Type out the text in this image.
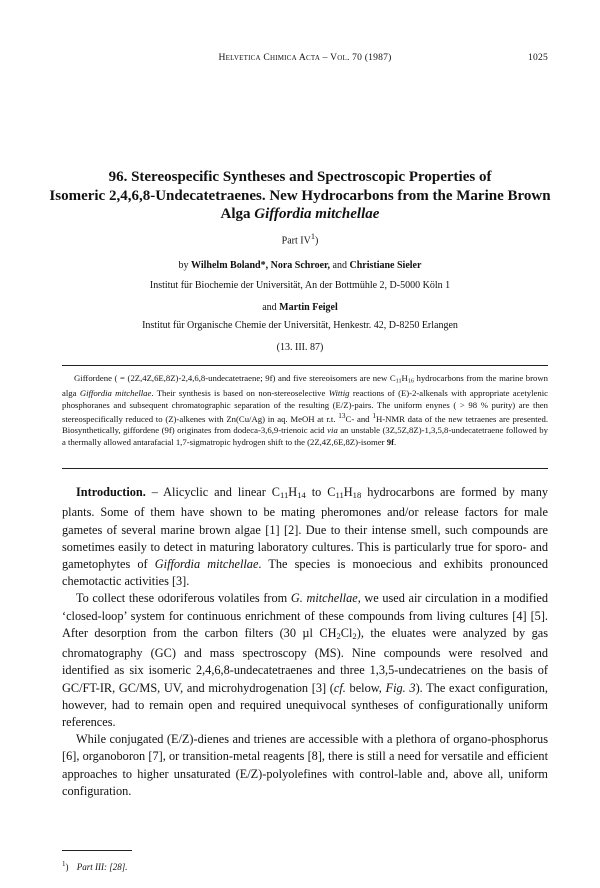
Helvetica Chimica Acta – Vol. 70 (1987)	1025
96. Stereospecific Syntheses and Spectroscopic Properties of
Isomeric 2,4,6,8-Undecatetraenes. New Hydrocarbons from the Marine Brown
Alga Giffordia mitchellae
Part $IV^1$)
by Wilhelm Boland*, Nora Schroer, and Christiane Sieler
Institut für Biochemie der Universität, An der Bottmühle 2, D-5000 Köln 1
and Martin Feigel
Institut für Organische Chemie der Universität, Henkestr. 42, D-8250 Erlangen
(13. III. 87)
Giffordene ( = (2Z,4Z,6E,8Z)-2,4,6,8-undecatetraene; 9f) and five stereoisomers are new $C_{11}H_{16}$ hydrocarbons from the marine brown alga Giffordia mitchellae. Their synthesis is based on non-stereoselective Wittig reactions of (E)-2-alkenals with appropriate acetylenic phosphoranes and subsequent chromatographic separation of the resulting (E/Z)-pairs. The uniform enynes ( > 98 % purity) are then stereospecifically reduced to (Z)-alkenes with Zn(Cu/Ag) in aq. MeOH at r.t. $^{13}$C- and $^1$H-NMR data of the new tetraenes are presented. Biosynthetically, giffordene (9f) originates from dodeca-3,6,9-trienoic acid via an unstable (3Z,5Z,8Z)-1,3,5,8-undecatetraene followed by a thermally allowed antarafacial 1,7-sigmatropic hydrogen shift to the (2Z,4Z,6E,8Z)-isomer 9f.

Introduction. – Alicyclic and linear $C_{11}H_{14}$ to $C_{11}H_{18}$ hydrocarbons are formed by many plants. Some of them have shown to be mating pheromones and/or release factors for male gametes of several marine brown algae [1] [2]. Due to their intense smell, such compounds are sometimes easily to detect in maturing laboratory cultures. This is particularly true for sporo- and gametophytes of Giffordia mitchellae. The species is monoecious and exhibits pronounced chemotactic activities [3].

To collect these odoriferous volatiles from G. mitchellae, we used air circulation in a modified ‘closed-loop’ system for continuous enrichment of these compounds from living cultures [4] [5]. After desorption from the carbon filters (30 µl $CH_2Cl_2$), the eluates were analyzed by gas chromatography (GC) and mass spectroscopy (MS). Nine compounds were resolved and identified as six isomeric 2,4,6,8-undecatetraenes and three 1,3,5-undecatrienes on the basis of GC/FT-IR, GC/MS, UV, and microhydrogenation [3] (cf. below, Fig. 3). The exact configuration, however, had to remain open and required unequivocal syntheses of configurationally uniform references.

While conjugated (E/Z)-dienes and trienes are accessible with a plethora of organo-phosphorus [6], organoboron [7], or transition-metal reagents [8], there is still a need for versatile and efficient approaches to higher unsaturated (E/Z)-polyolefines with control-lable and, above all, uniform configuration.

$^1$) Part III: [28].
